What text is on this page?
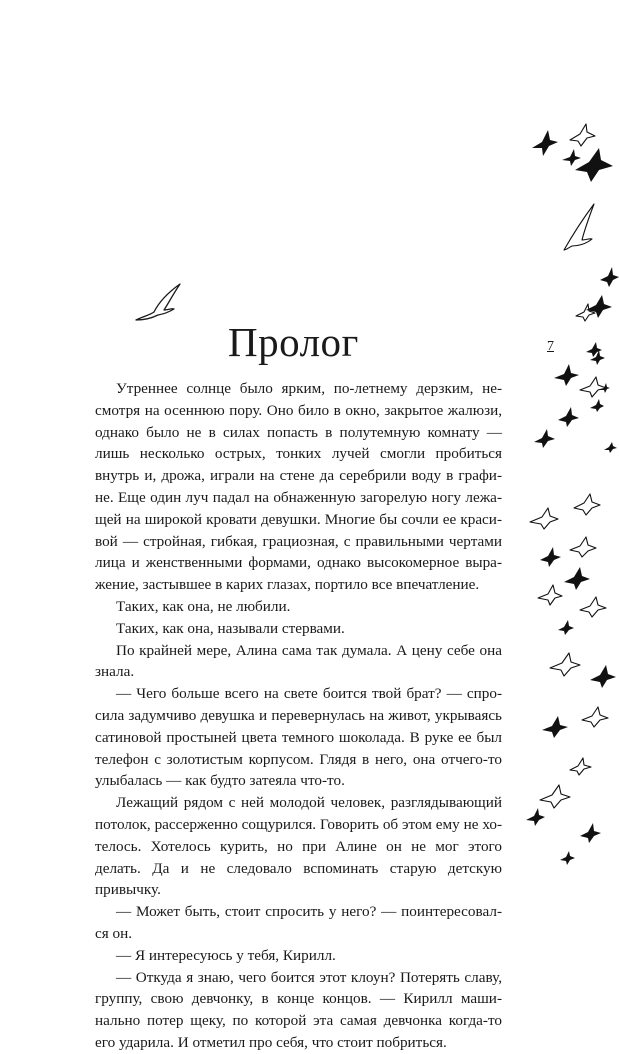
Пролог	7

Утреннее солнце было ярким, по-летнему дерзким, несмотря на осеннюю пору. Оно било в окно, закрытое жалюзи, однако было не в силах попасть в полутемную комнату — лишь несколько острых, тонких лучей смогли пробиться внутрь и, дрожа, играли на стене да серебрили воду в графине. Еще один луч падал на обнаженную загорелую ногу лежащей на широкой кровати девушки. Многие бы сочли ее красивой — стройная, гибкая, грациозная, с правильными чертами лица и женственными формами, однако высокомерное выражение, застывшее в карих глазах, портило все впечатление.

Таких, как она, не любили.

Таких, как она, называли стервами.

По крайней мере, Алина сама так думала. А цену себе она знала.

— Чего больше всего на свете боится твой брат? — спросила задумчиво девушка и перевернулась на живот, укрываясь сатиновой простыней цвета темного шоколада. В руке ее был телефон с золотистым корпусом. Глядя в него, она отчего-то улыбалась — как будто затеяла что-то.

Лежащий рядом с ней молодой человек, разглядывающий потолок, рассерженно сощурился. Говорить об этом ему не хотелось. Хотелось курить, но при Алине он не мог этого делать. Да и не следовало вспоминать старую детскую привычку.

— Может быть, стоит спросить у него? — поинтересовался он.

— Я интересуюсь у тебя, Кирилл.

— Откуда я знаю, чего боится этот клоун? Потерять славу, группу, свою девчонку, в конце концов. — Кирилл машинально потер щеку, по которой эта самая девчонка когда-то его ударила. И отметил про себя, что стоит побриться.
